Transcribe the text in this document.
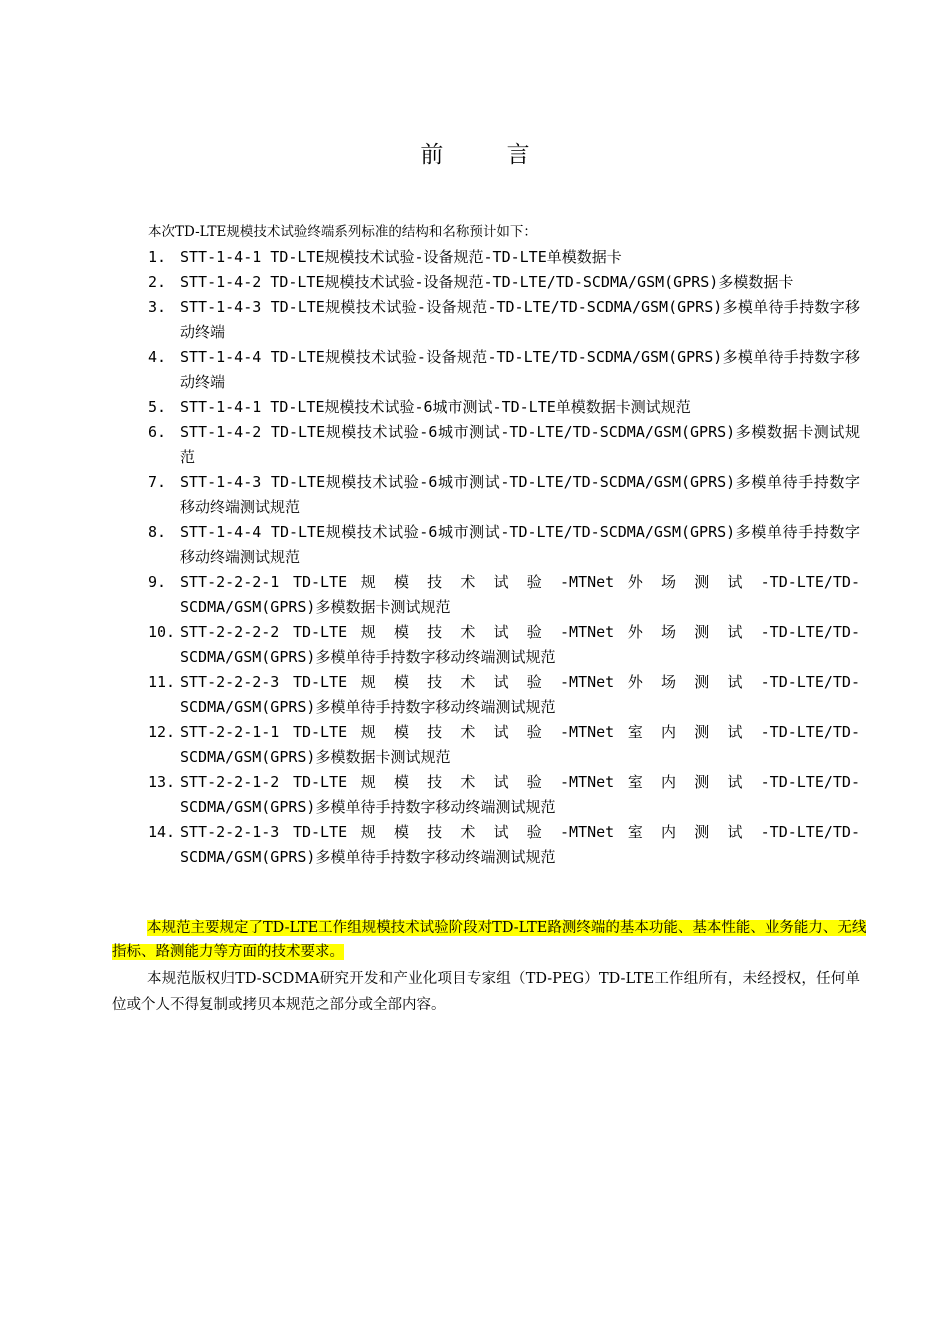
前 言
本次TD-LTE规模技术试验终端系列标准的结构和名称预计如下：
1. STT-1-4-1 TD-LTE规模技术试验-设备规范-TD-LTE单模数据卡
2. STT-1-4-2 TD-LTE规模技术试验-设备规范-TD-LTE/TD-SCDMA/GSM(GPRS)多模数据卡
3. STT-1-4-3 TD-LTE规模技术试验-设备规范-TD-LTE/TD-SCDMA/GSM(GPRS)多模单待手持数字移动终端
4. STT-1-4-4 TD-LTE规模技术试验-设备规范-TD-LTE/TD-SCDMA/GSM(GPRS)多模单待手持数字移动终端
5. STT-1-4-1 TD-LTE规模技术试验-6城市测试-TD-LTE单模数据卡测试规范
6. STT-1-4-2 TD-LTE规模技术试验-6城市测试-TD-LTE/TD-SCDMA/GSM(GPRS)多模数据卡测试规范
7. STT-1-4-3 TD-LTE规模技术试验-6城市测试-TD-LTE/TD-SCDMA/GSM(GPRS)多模单待手持数字移动终端测试规范
8. STT-1-4-4 TD-LTE规模技术试验-6城市测试-TD-LTE/TD-SCDMA/GSM(GPRS)多模单待手持数字移动终端测试规范
9. STT-2-2-2-1 TD-LTE 规 模 技 术 试 验 -MTNet 外 场 测 试 -TD-LTE/TD-SCDMA/GSM(GPRS)多模数据卡测试规范
10. STT-2-2-2-2 TD-LTE 规 模 技 术 试 验 -MTNet 外 场 测 试 -TD-LTE/TD-SCDMA/GSM(GPRS)多模单待手持数字移动终端测试规范
11. STT-2-2-2-3 TD-LTE 规 模 技 术 试 验 -MTNet 外 场 测 试 -TD-LTE/TD-SCDMA/GSM(GPRS)多模单待手持数字移动终端测试规范
12. STT-2-2-1-1 TD-LTE 规 模 技 术 试 验 -MTNet 室 内 测 试 -TD-LTE/TD-SCDMA/GSM(GPRS)多模数据卡测试规范
13. STT-2-2-1-2 TD-LTE 规 模 技 术 试 验 -MTNet 室 内 测 试 -TD-LTE/TD-SCDMA/GSM(GPRS)多模单待手持数字移动终端测试规范
14. STT-2-2-1-3 TD-LTE 规 模 技 术 试 验 -MTNet 室 内 测 试 -TD-LTE/TD-SCDMA/GSM(GPRS)多模单待手持数字移动终端测试规范

本规范主要规定了TD-LTE工作组规模技术试验阶段对TD-LTE路测终端的基本功能、基本性能、业务能力、无线指标、路测能力等方面的技术要求。

本规范版权归TD-SCDMA研究开发和产业化项目专家组（TD-PEG）TD-LTE工作组所有，未经授权，任何单位或个人不得复制或拷贝本规范之部分或全部内容。
